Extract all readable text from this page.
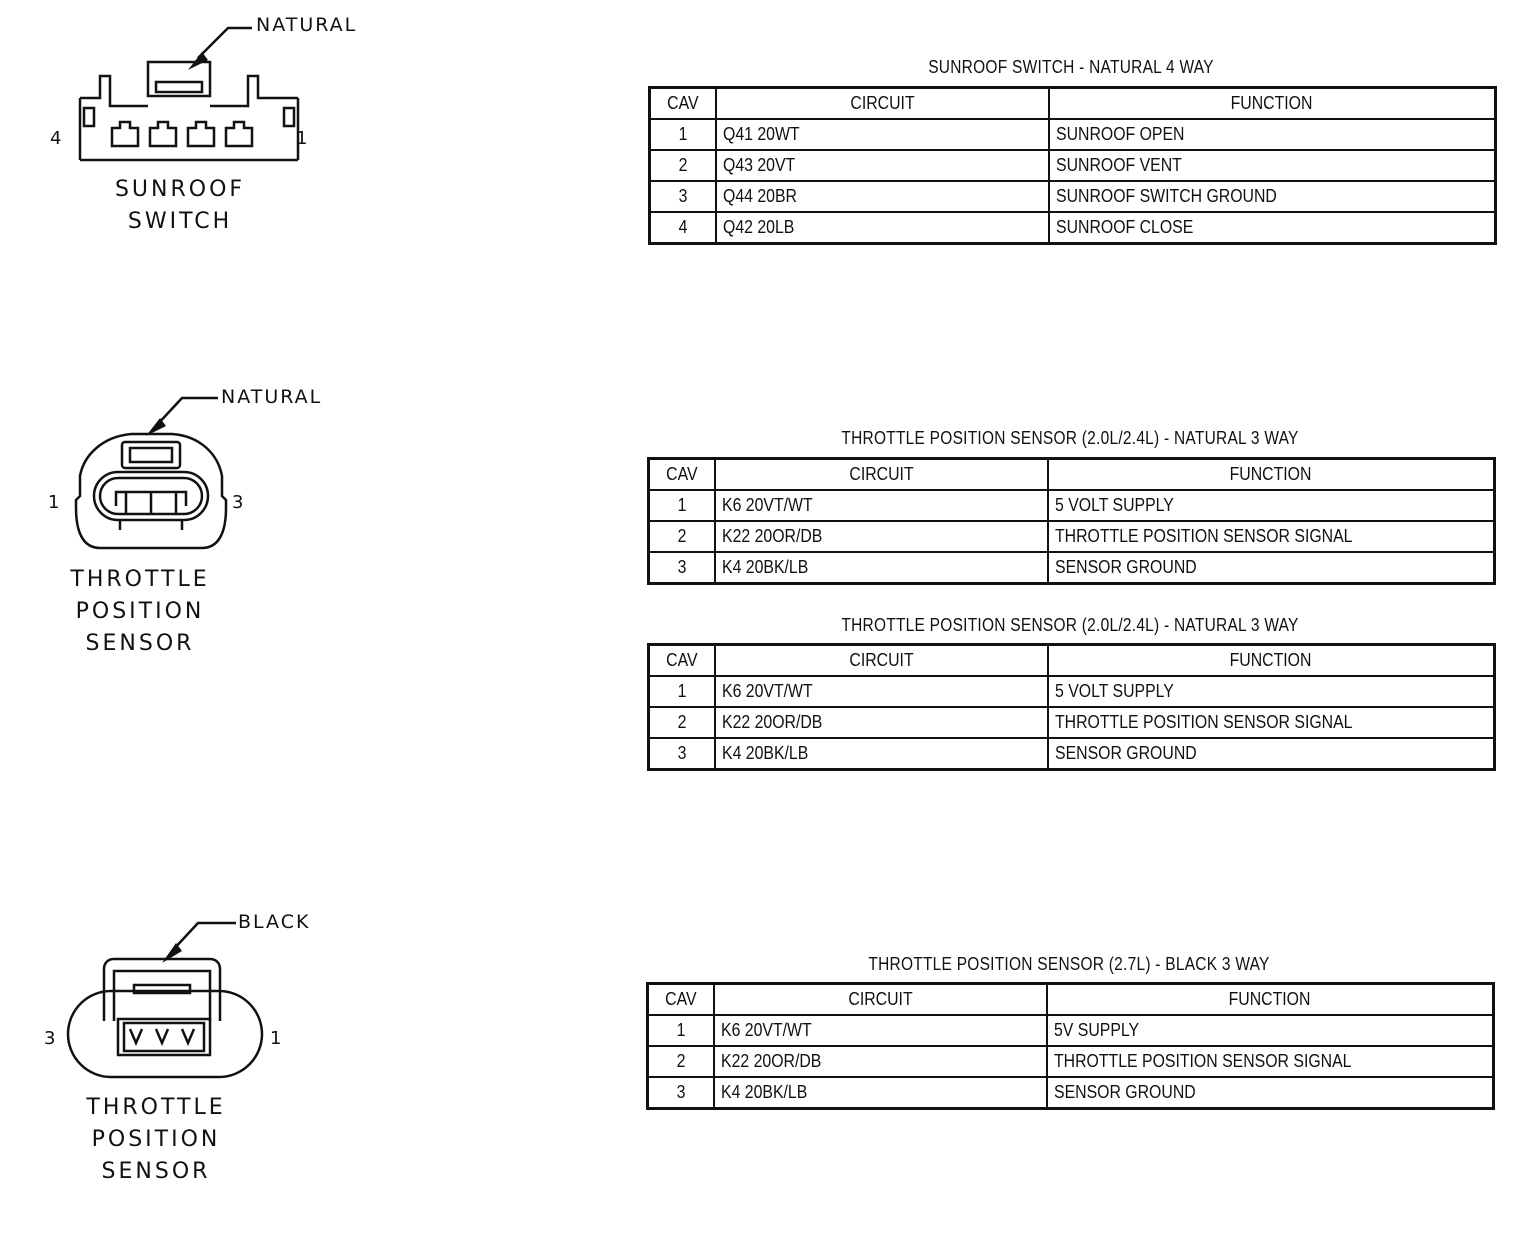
NATURAL
4	1
SUNROOF
SWITCH
NATURAL
1	3
THROTTLE
POSITION
SENSOR
BLACK
3	1
THROTTLE
POSITION
SENSOR
SUNROOF SWITCH - NATURAL 4 WAY
CAV	CIRCUIT	FUNCTION
1	Q41 20WT	SUNROOF OPEN
2	Q43 20VT	SUNROOF VENT
3	Q44 20BR	SUNROOF SWITCH GROUND
4	Q42 20LB	SUNROOF CLOSE
THROTTLE POSITION SENSOR (2.0L/2.4L) - NATURAL 3 WAY
CAV	CIRCUIT	FUNCTION
1	K6 20VT/WT	5 VOLT SUPPLY
2	K22 20OR/DB	THROTTLE POSITION SENSOR SIGNAL
3	K4 20BK/LB	SENSOR GROUND
THROTTLE POSITION SENSOR (2.0L/2.4L) - NATURAL 3 WAY
CAV	CIRCUIT	FUNCTION
1	K6 20VT/WT	5 VOLT SUPPLY
2	K22 20OR/DB	THROTTLE POSITION SENSOR SIGNAL
3	K4 20BK/LB	SENSOR GROUND
THROTTLE POSITION SENSOR (2.7L) - BLACK 3 WAY
CAV	CIRCUIT	FUNCTION
1	K6 20VT/WT	5V SUPPLY
2	K22 20OR/DB	THROTTLE POSITION SENSOR SIGNAL
3	K4 20BK/LB	SENSOR GROUND
